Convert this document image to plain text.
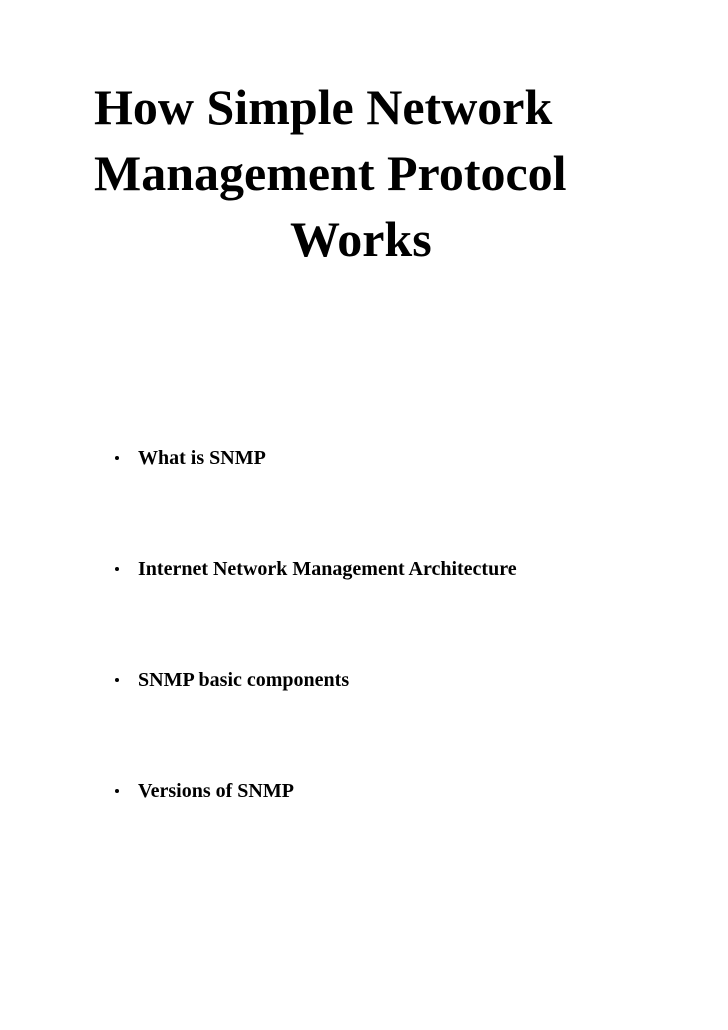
How Simple Network
Management Protocol
Works
What is SNMP
Internet Network Management Architecture
SNMP basic components
Versions of SNMP
